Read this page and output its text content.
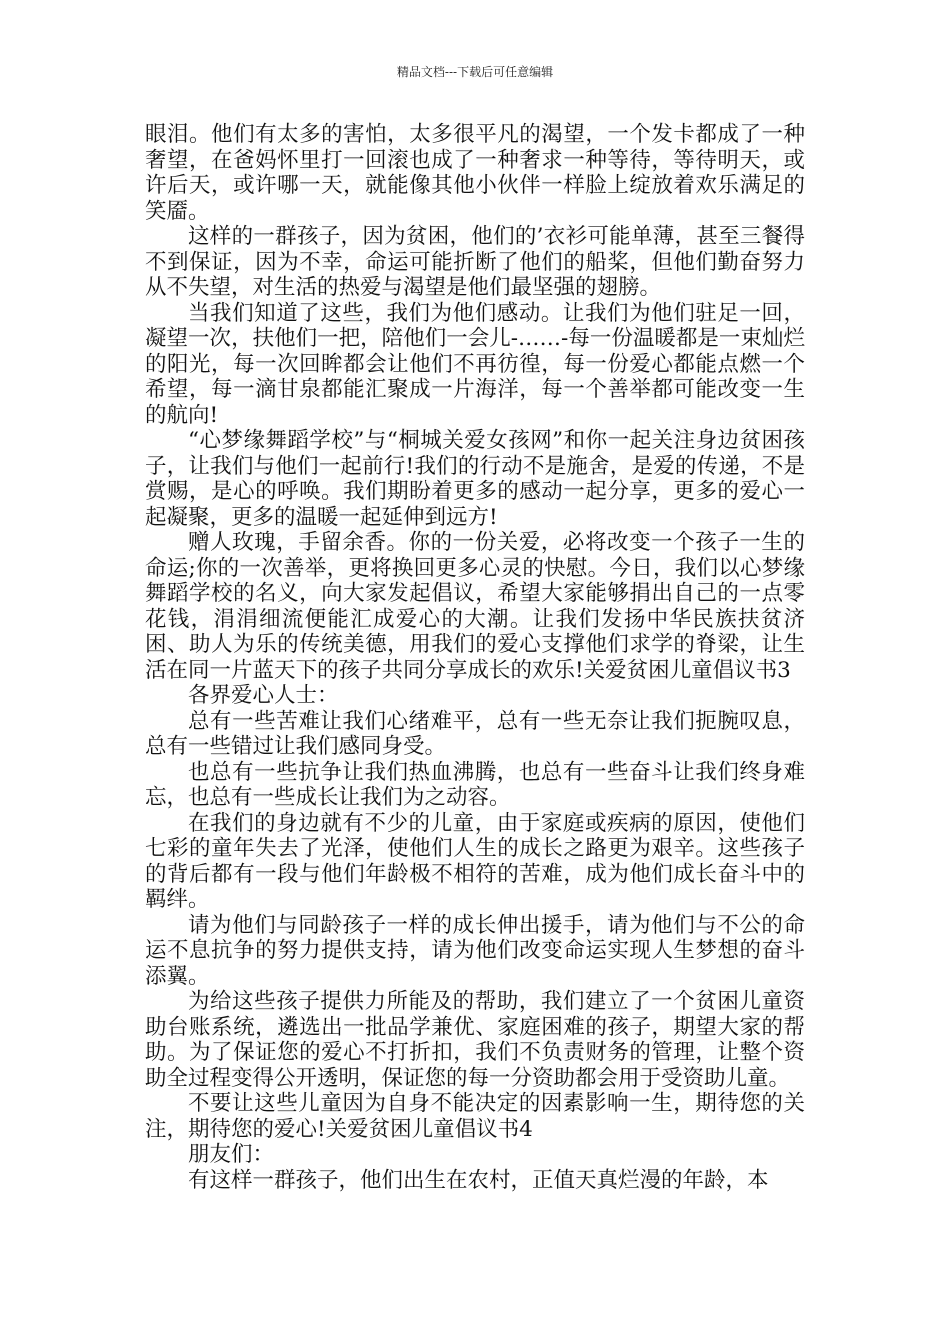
精品文档---下载后可任意编辑

眼泪。他们有太多的害怕，太多很平凡的渴望，一个发卡都成了一种奢望，在爸妈怀里打一回滚也成了一种奢求一种等待，等待明天，或许后天，或许哪一天，就能像其他小伙伴一样脸上绽放着欢乐满足的笑靥。

这样的一群孩子，因为贫困，他们的’衣衫可能单薄，甚至三餐得不到保证，因为不幸，命运可能折断了他们的船桨，但他们勤奋努力从不失望，对生活的热爱与渴望是他们最坚强的翅膀。

当我们知道了这些，我们为他们感动。让我们为他们驻足一回，凝望一次，扶他们一把，陪他们一会儿-……-每一份温暖都是一束灿烂的阳光，每一次回眸都会让他们不再彷徨，每一份爱心都能点燃一个希望，每一滴甘泉都能汇聚成一片海洋，每一个善举都可能改变一生的航向!

“心梦缘舞蹈学校”与“桐城关爱女孩网”和你一起关注身边贫困孩子，让我们与他们一起前行!我们的行动不是施舍，是爱的传递，不是赏赐，是心的呼唤。我们期盼着更多的感动一起分享，更多的爱心一起凝聚，更多的温暖一起延伸到远方!

赠人玫瑰，手留余香。你的一份关爱，必将改变一个孩子一生的命运;你的一次善举，更将换回更多心灵的快慰。今日，我们以心梦缘舞蹈学校的名义，向大家发起倡议，希望大家能够捐出自己的一点零花钱，涓涓细流便能汇成爱心的大潮。让我们发扬中华民族扶贫济困、助人为乐的传统美德，用我们的爱心支撑他们求学的脊梁，让生活在同一片蓝天下的孩子共同分享成长的欢乐!关爱贫困儿童倡议书3

各界爱心人士：

总有一些苦难让我们心绪难平，总有一些无奈让我们扼腕叹息，总有一些错过让我们感同身受。

也总有一些抗争让我们热血沸腾，也总有一些奋斗让我们终身难忘，也总有一些成长让我们为之动容。

在我们的身边就有不少的儿童，由于家庭或疾病的原因，使他们七彩的童年失去了光泽，使他们人生的成长之路更为艰辛。这些孩子的背后都有一段与他们年龄极不相符的苦难，成为他们成长奋斗中的羁绊。

请为他们与同龄孩子一样的成长伸出援手，请为他们与不公的命运不息抗争的努力提供支持，请为他们改变命运实现人生梦想的奋斗添翼。

为给这些孩子提供力所能及的帮助，我们建立了一个贫困儿童资助台账系统，遴选出一批品学兼优、家庭困难的孩子，期望大家的帮助。为了保证您的爱心不打折扣，我们不负责财务的管理，让整个资助全过程变得公开透明，保证您的每一分资助都会用于受资助儿童。

不要让这些儿童因为自身不能决定的因素影响一生，期待您的关注，期待您的爱心!关爱贫困儿童倡议书4

朋友们：

有这样一群孩子，他们出生在农村，正值天真烂漫的年龄，本
